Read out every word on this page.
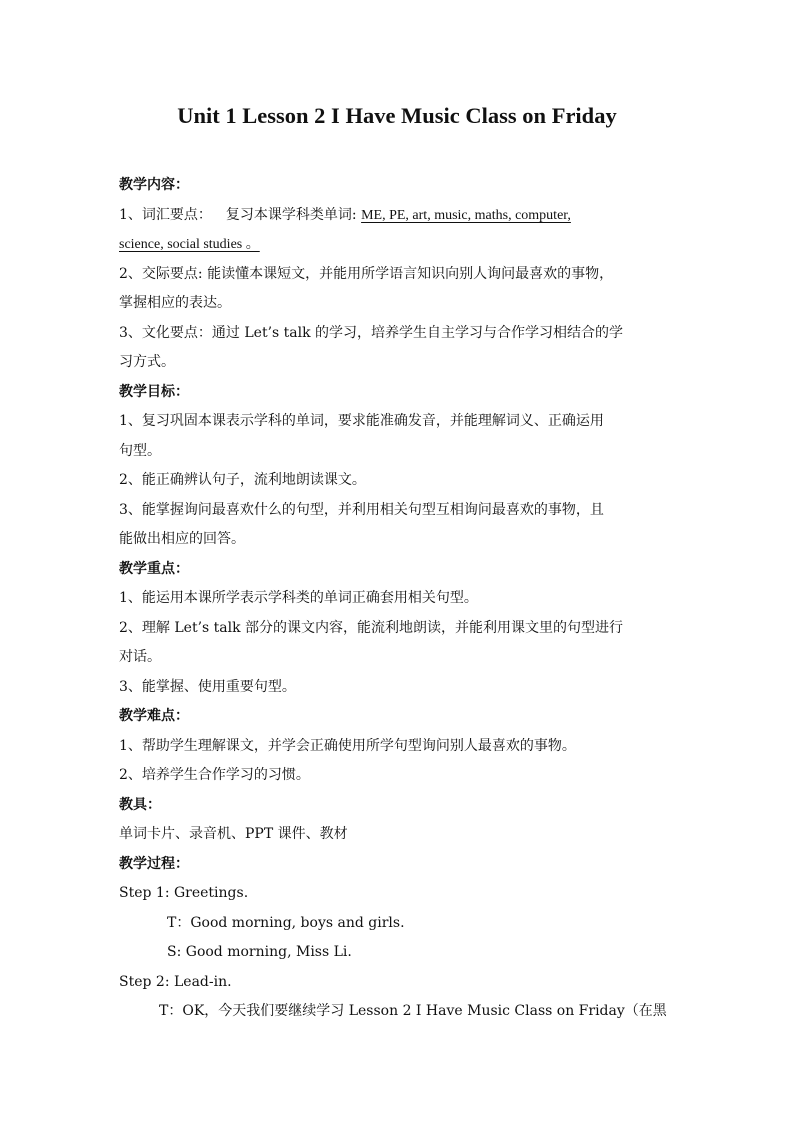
Unit 1 Lesson 2 I Have Music Class on Friday

教学内容：

1、词汇要点： 复习本课学科类单词: ME, PE, art, music, maths, computer,

science, social studies 。

2、交际要点: 能读懂本课短文，并能用所学语言知识向别人询问最喜欢的事物，

掌握相应的表达。

3、文化要点：通过 Let’s talk 的学习，培养学生自主学习与合作学习相结合的学

习方式。

教学目标：

1、复习巩固本课表示学科的单词，要求能准确发音，并能理解词义、正确运用

句型。

2、能正确辨认句子，流利地朗读课文。

3、能掌握询问最喜欢什么的句型，并利用相关句型互相询问最喜欢的事物，且

能做出相应的回答。

教学重点：

1、能运用本课所学表示学科类的单词正确套用相关句型。

2、理解 Let’s talk 部分的课文内容，能流利地朗读，并能利用课文里的句型进行

对话。

3、能掌握、使用重要句型。

教学难点：

1、帮助学生理解课文，并学会正确使用所学句型询问别人最喜欢的事物。

2、培养学生合作学习的习惯。

教具：

单词卡片、录音机、PPT 课件、教材

教学过程：

Step 1: Greetings.

T：Good morning, boys and girls.

S: Good morning, Miss Li.

Step 2: Lead-in.

T：OK，今天我们要继续学习 Lesson 2 I Have Music Class on Friday（在黑
